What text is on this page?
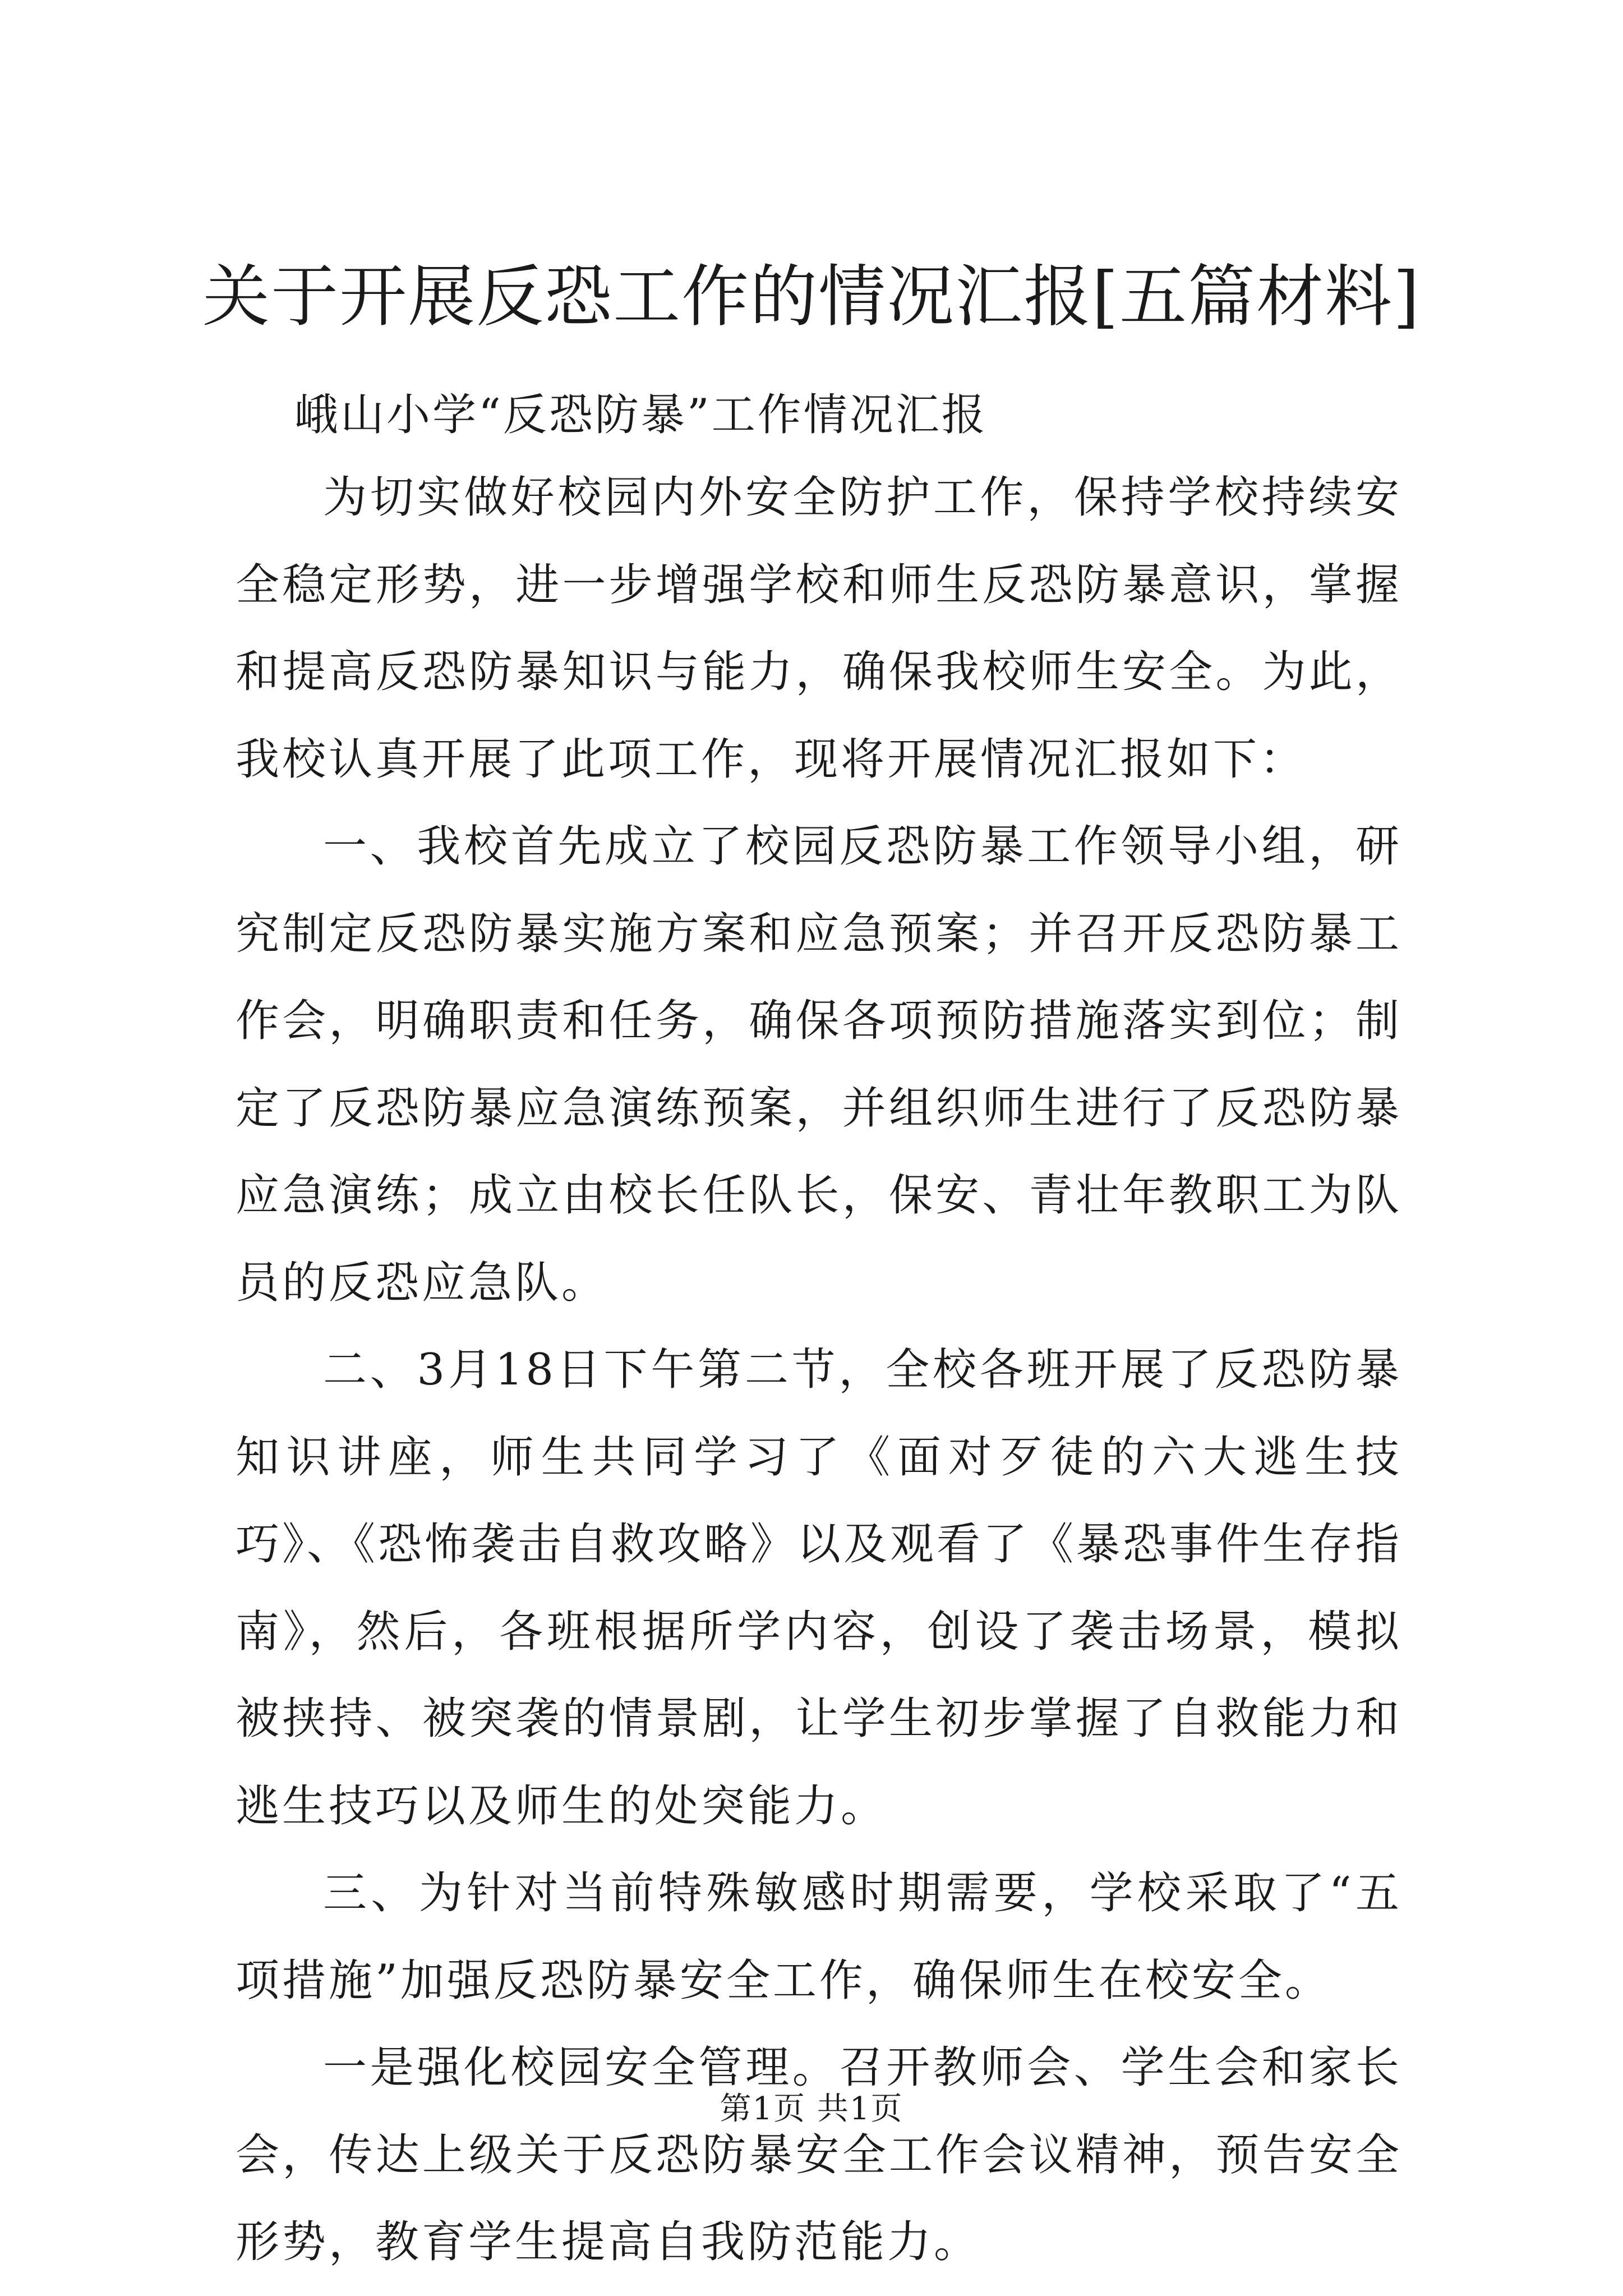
关于开展反恐工作的情况汇报[五篇材料]
峨山小学“反恐防暴”工作情况汇报

为切实做好校园内外安全防护工作，保持学校持续安全稳定形势，进一步增强学校和师生反恐防暴意识，掌握和提高反恐防暴知识与能力，确保我校师生安全。为此，我校认真开展了此项工作，现将开展情况汇报如下：

一、我校首先成立了校园反恐防暴工作领导小组，研究制定反恐防暴实施方案和应急预案；并召开反恐防暴工作会，明确职责和任务，确保各项预防措施落实到位；制定了反恐防暴应急演练预案，并组织师生进行了反恐防暴应急演练；成立由校长任队长，保安、青壮年教职工为队员的反恐应急队。

二、3月18日下午第二节，全校各班开展了反恐防暴知识讲座，师生共同学习了《面对歹徒的六大逃生技巧》、《恐怖袭击自救攻略》以及观看了《暴恐事件生存指南》，然后，各班根据所学内容，创设了袭击场景，模拟被挟持、被突袭的情景剧，让学生初步掌握了自救能力和逃生技巧以及师生的处突能力。

三、为针对当前特殊敏感时期需要，学校采取了“五项措施”加强反恐防暴安全工作，确保师生在校安全。

一是强化校园安全管理。召开教师会、学生会和家长会，传达上级关于反恐防暴安全工作会议精神，预告安全形势，教育学生提高自我防范能力。

第1页 共1页
